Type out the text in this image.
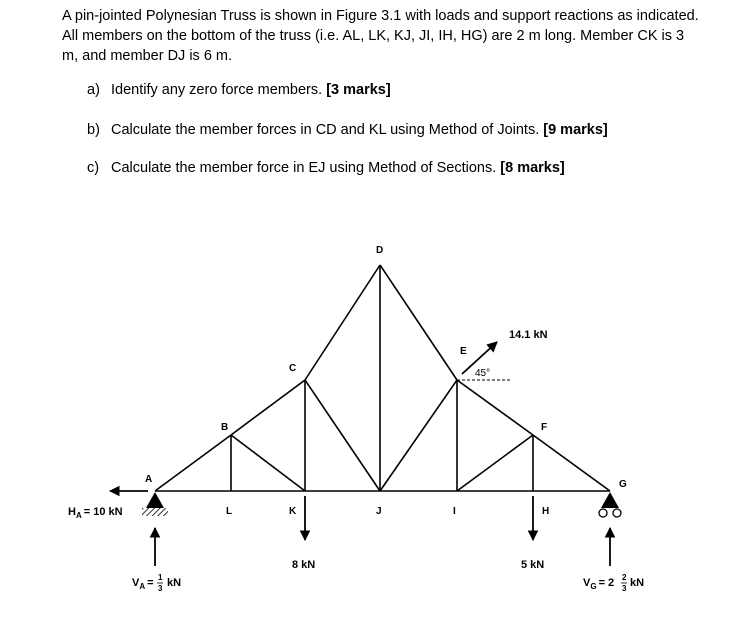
A pin-jointed Polynesian Truss is shown in Figure 3.1 with loads and support reactions as indicated. All members on the bottom of the truss (i.e. AL, LK, KJ, JI, IH, HG) are 2 m long. Member CK is 3 m, and member DJ is 6 m.

a) Identify any zero force members. [3 marks]

b) Calculate the member forces in CD and KL using Method of Joints. [9 marks]

c) Calculate the member force in EJ using Method of Sections. [8 marks]

A
B
C
D
E
F
G
H
I
J
K
L
8 kN	5 kN
14.1 kN
45°
$H_A = 10$ kN
$V_A = 1$
3 kN	$V_G = 2$ 2
3 kN
